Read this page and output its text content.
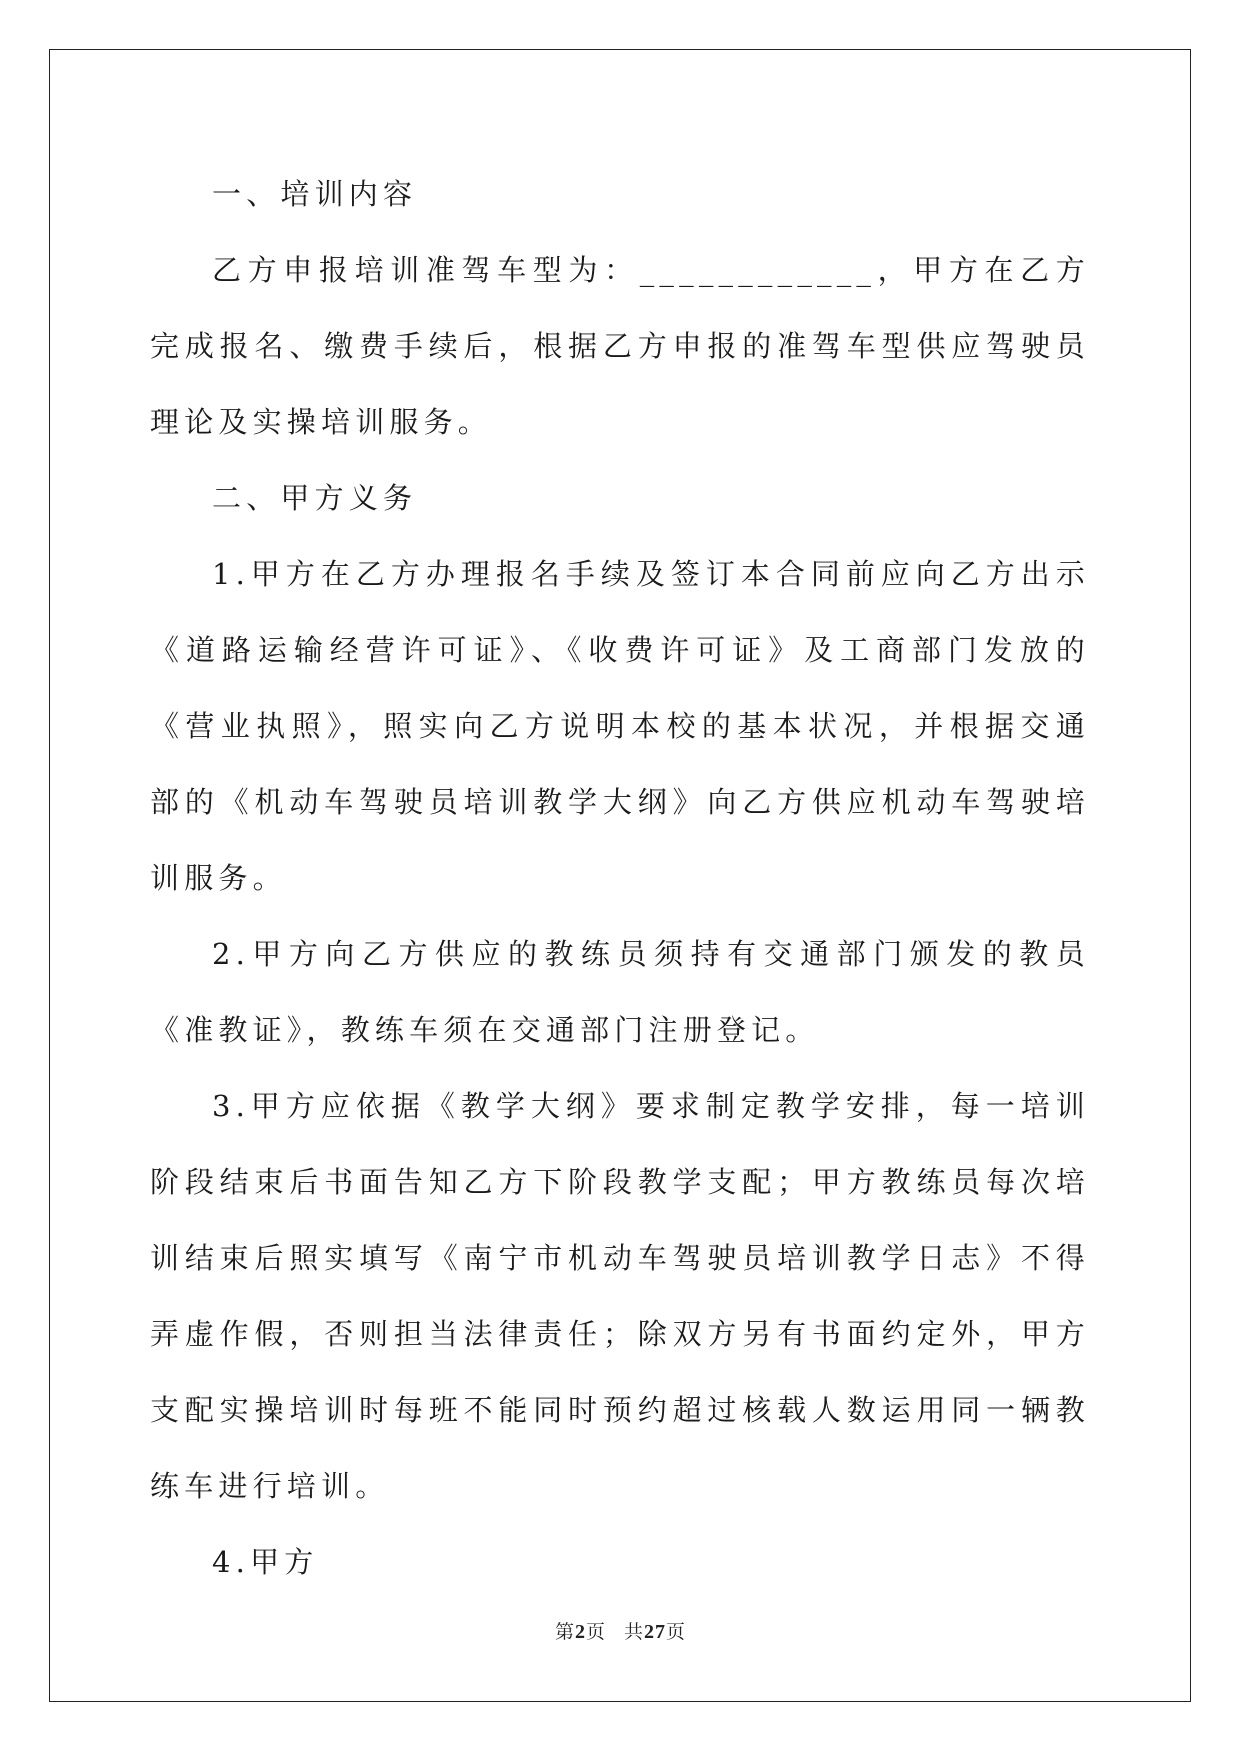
一、培训内容

乙方申报培训准驾车型为：____________，甲方在乙方完成报名、缴费手续后，根据乙方申报的准驾车型供应驾驶员理论及实操培训服务。

二、甲方义务

1.甲方在乙方办理报名手续及签订本合同前应向乙方出示《道路运输经营许可证》、《收费许可证》及工商部门发放的《营业执照》，照实向乙方说明本校的基本状况，并根据交通部的《机动车驾驶员培训教学大纲》向乙方供应机动车驾驶培训服务。

2.甲方向乙方供应的教练员须持有交通部门颁发的教员《准教证》，教练车须在交通部门注册登记。

3.甲方应依据《教学大纲》要求制定教学安排，每一培训阶段结束后书面告知乙方下阶段教学支配；甲方教练员每次培训结束后照实填写《南宁市机动车驾驶员培训教学日志》不得弄虚作假，否则担当法律责任；除双方另有书面约定外，甲方支配实操培训时每班不能同时预约超过核载人数运用同一辆教练车进行培训。

4.甲方

第2页 共27页
